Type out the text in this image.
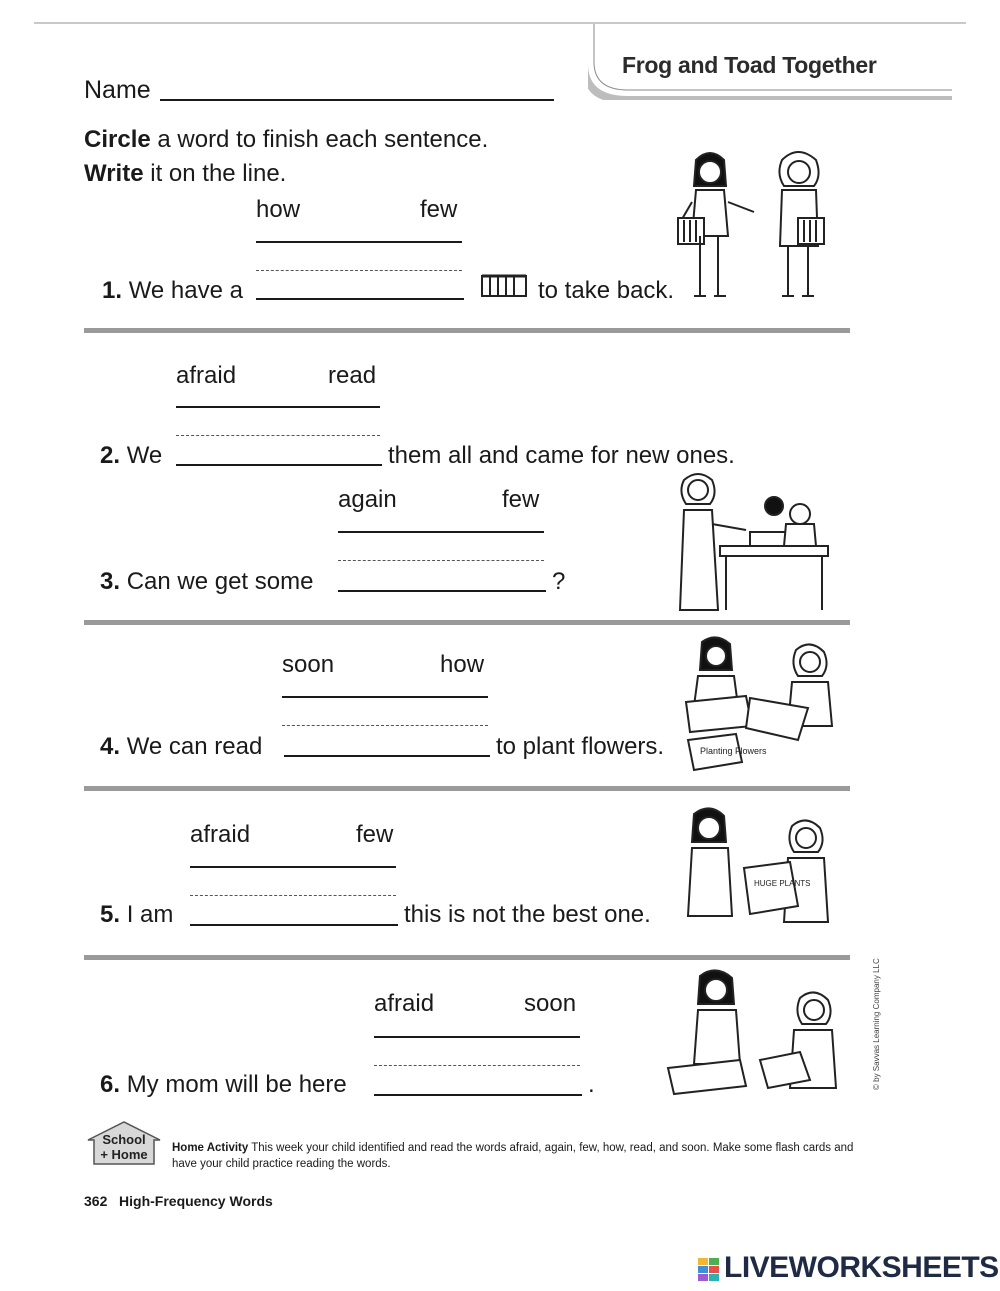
Frog and Toad Together
Name
Circle a word to finish each sentence.
Write it on the line.
how	few
1. We have a	to take back.
afraid	read
2. We	them all and came for new ones.
again	few
3. Can we get some	?
soon	how
4. We can read	to plant flowers.	Planting Flowers
afraid	few
5. I am	this is not the best one.
HUGE PLANTS
afraid	soon
6. My mom will be here	.	© by Savvas Learning Company LLC
School
+ Home Home Activity This week your child identified and read the words afraid, again, few, how, read, and soon. Make some flash cards and have your child practice reading the words.
362 High-Frequency Words
LIVEWORKSHEETS
